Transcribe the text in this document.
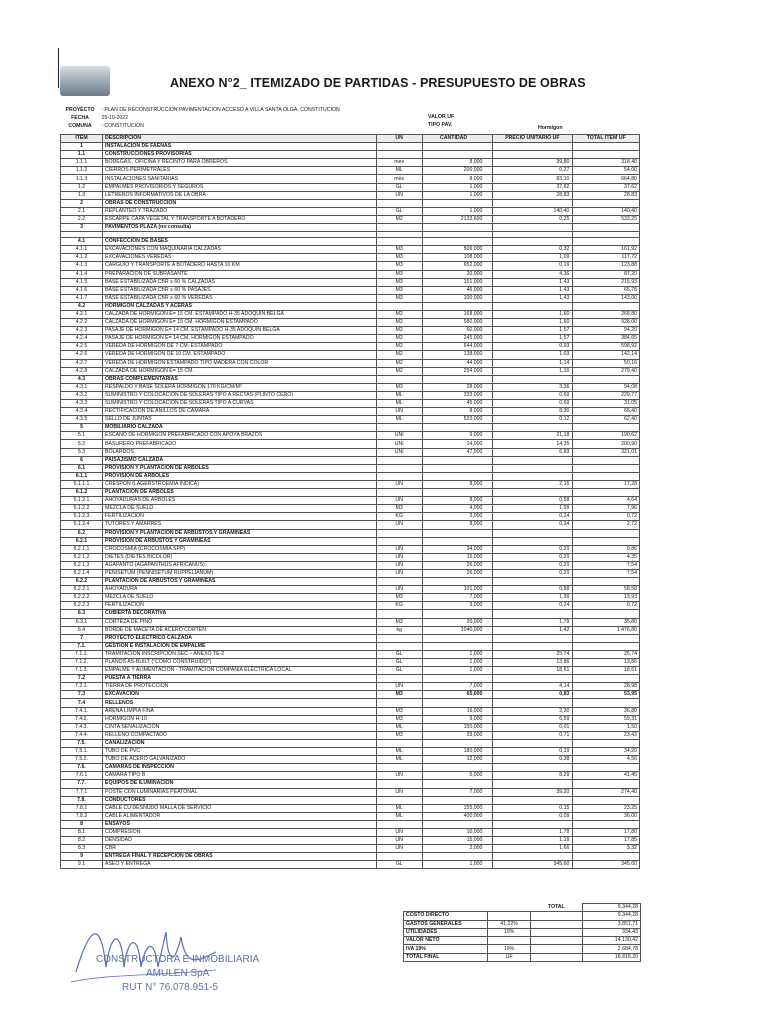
ANEXO N°2_ ITEMIZADO DE PARTIDAS - PRESUPUESTO DE OBRAS
PROYECTO : PLAN DE RECONSTRUCCION PAVIMENTACION ACCESO A VILLA SANTA OLGA, CONSTITUCION
FECHA 25-10-2022
COMUNA : CONSTITUCION
VALOR UF
TIPO PAV.	Hormigon
ITEM	DESCRIPCION	UN	CANTIDAD	PRECIO UNITARIO UF	TOTAL ITEM UF
1	INSTALACIÓN DE FAENAS				
1.1	CONSTRUCCIONES PROVISORIAS				
1.1.1	BODEGAS , OFICINA Y RECINTO PARA OBREROS	mes	8,000	39,80	318,40
1.1.2	CIERROS PERIMETRALES	ML	200,000	0,27	54,00
1.1.3	INSTALACIONES SANITARIAS	mes	8,000	83,10	664,80
1.2	EMPALMES PROVISORIOS Y SEGUROS	GL	1,000	37,62	37,62
1.3	LETREROS INFORMATIVOS DE LA OBRA	UN	1,000	28,83	28,83
2	OBRAS DE CONSTRUCCION				
2.1	REPLANTEO Y TRAZADO	GL	1,000	140,40	140,40
2.2	ESCARPE CAPA VEGETAL Y TRANSPORTE A BOTADERO	M2	2133,600	0,25	533,25
3	PAVIMENTOS PLAZA (no consulta)				

4.1	CONFECCIÓN DE BASES				
4.1.1	EXCAVACIONES CON MAQUINARIA CALZADAS	M3	506,000	0,32	161,92
4.1.2	EXCAVACIONES VEREDAS	M3	108,000	1,09	117,72
4.1.3	CARGUIO Y TRANSPORTE A BOTADERO HASTA 10 KM	M3	652,000	0,19	123,88
4.1.4	PREPARACION DE SUBRASANTE	M3	20,000	4,36	87,20
4.1.5	BASE ESTABILIZADA CBR ≥ 60 % CALZADAS	M3	151,000	1,43	215,93
4.1.6	BASE ESTABILIZADA CBR ≥ 60 % PASAJES	M3	46,000	1,43	65,78
4.1.7	BASE ESTABILIZADA CBR ≥ 60 % VEREDAS	M3	100,000	1,43	143,00
4.2	HORMIGÓN CALZADAS Y ACERAS				
4.2.1	CALZADA DE HORMIGON E= 15 CM. ESTAMPADO H-35 ADOQUIN BELGA	M2	168,000	1,60	268,80
4.2.2	CALZADA DE HORMIGON E= 15 CM. HORMIGON ESTAMPADO	M2	580,000	1,60	928,00
4.2.3	PASAJE DE HORMIGON E= 14 CM. ESTAMPADO H-35 ADOQUIN BELGA	M2	60,000	1,57	94,20
4.2.4	PASAJE DE HORMIGON E= 14 CM. HORMIGON ESTAMPADO	M2	245,000	1,57	384,65
4.2.5	VEREDA DE HORMIGON DE 7 CM. ESTAMPADO	M2	644,000	0,93	598,92
4.2.6	VEREDA DE HORMIGON DE 10 CM. ESTAMPADO	M2	138,000	1,03	142,14
4.2.7	VEREDA DE HORMIGON ESTAMPADO TIPO MADERA CON COLOR	M2	44,000	1,14	50,16
4.2.8	CALZADA DE HORMIGÓN E= 15 CM.	M2	254,000	1,10	279,40
4.3	OBRAS COMPLEMENTARIAS				
4.3.1	RESPALDO Y BASE SOLERA HORMIGON 170 KG/CM/M³	M3	28,000	3,36	94,08
4.3.2	SUMINISTRO Y COLOCACION DE SOLERAS TIPO A RECTAS (PLINTO CERO)	ML	333,000	0,69	229,77
4.3.3	SUMINISTRO Y COLOCACION DE SOLERAS TIPO A CURVAS	ML	45,000	0,69	31,05
4.3.4	RECTIFICACION DE ANILLOS DE CAMARA	UN	8,000	8,30	66,40
4.3.5	SELLO DE JUNTAS	ML	520,000	0,12	62,40
5	MOBILIARIO CALZADA				
5.1	ESCAÑO DE HORMIGON PREFABRICADO CON APOYA BRAZOS	UNI	9,000	21,18	190,62
5.2	BASURERO PREFABRICADO	UNI	14,000	14,35	200,90
5.3	BOLARDOS	UNI	47,000	6,83	321,01
6	PAISAJISMO CALZADA				
6.1	PROVISION Y PLANTACION DE ARBOLES				
6.1.1	PROVISION DE ARBOLES				
6.1.1.1	CRESPÓN (LAGERSTROEMIA INDICA)	UN	8,000	2,16	17,28
6.1.2	PLANTACION DE ARBOLES				
6.1.2.1	AHOYADURAS DE ARBOLES	UN	8,000	0,58	4,64
6.1.2.2	MEZCLA DE SUELO	M3	4,000	1,99	7,96
6.1.2.3	FERTILIZACIÓN	KG	3,000	0,24	0,72
6.1.2.4	TUTORES Y AMARRES	UN	8,000	0,34	2,72
6.2	PROVISION Y PLANTACION DE ARBUSTOS Y GRAMINEAS				
6.2.1	PROVISIÓN DE ARBUSTOS Y GRAMINEAS				
6.2.1.1	CROCOSMIA (CROCOSMIA SPP)	UN	34,000	0,29	9,86
6.2.1.2	DIETES (DIETES BICOLOR)	UN	15,000	0,29	4,35
6.2.1.3	AGAPANTO (AGAPANTHUS AFRICANUS)	UN	26,000	0,29	7,54
6.2.1.4	PENISETUM (PENNISETUM RUPPELIANUM)	UN	26,000	0,29	7,54
6.2.2	PLANTACION DE ARBUSTOS Y GRAMINEAS				
6.2.2.1	AHOYADURA	UN	101,000	0,58	58,58
6.2.2.2	MEZCLA DE SUELO	M3	7,000	1,99	13,93
6.2.2.3	FERTILIZACIÓN	KG	3,000	0,24	0,72
6.3	CUBIERTA DECORATIVA				
6.3.1	CORTEZA DE PINO	M3	20,000	1,79	35,80
6.4	BORDE DE MACETA DE ACERO CORTEN	kg	1040,000	1,42	1.476,80
7	PROYECTO ELECTRICO CALZADA				
7.1.	GESTIÓN E INSTALACIÓN DE EMPALME				
7.1.1.	TRAMITACIÓN INSCRIPCIÓN SEC – ANEXO TE-2	GL	1,000	25,74	25,74
7.1.2.	PLANOS AS-BUILT ("COMO CONSTRUIDO")	GL	1,000	13,86	13,86
7.1.3.	EMPALME Y ALIMENTACIÓN - TRAMITACIÓN COMPAÑÍA ELÉCTRICA LOCAL	GL	1,000	18,61	18,61
7.2	PUESTA A TIERRA				
7.2.1.	TIERRA DE PROTECCIÓN	UN	7,000	4,14	28,98
7.3	EXCAVACIÓN	M3	65,000	0,83	53,95
7.4	RELLENOS				
7.4.1.	ARENA LIMPIA FINA	M3	16,000	2,30	36,80
7.4.2.	HORMIGÓN H-10	M3	9,000	6,59	59,31
7.4.3.	CINTA SEÑALIZACIÓN	ML	150,000	0,01	1,50
7.4.4.	RELLENO COMPACTADO	M3	33,000	0,71	23,43
7.5.	CANALIZACIÓN				
7.5.1.	TUBO DE PVC	ML	180,000	0,19	34,20
7.5.2.	TUBO DE ACERO GALVANIZADO	ML	12,000	0,38	4,56
7.6.	CÁMARAS DE INSPECCIÓN				
7.6.1	CÁMARA TIPO B	UN	5,000	8,29	41,45
7.7.	EQUIPOS DE ILUMINACIÓN				
7.7.1	POSTE CON LUMINARIAS PEATONAL	UN	7,000	39,20	274,40
7.8.	CONDUCTORES				
7.8.1	CABLE CU DESNUDO MALLA DE SERVICIO	ML	155,000	0,15	23,25
7.8.2	CABLE ALIMENTADOR	ML	400,000	0,09	36,00
8	ENSAYOS				
8.1	COMPRESIÓN	UN	10,000	1,78	17,80
8.2	DENSIDAD	UN	15,000	1,19	17,85
8.3	CBR	UN	2,000	1,66	3,32
9	ENTREGA FINAL Y RECEPCION DE OBRAS				
9.1	ASEO Y ENTREGA	GL	1,000	345,60	345,60
		TOTAL	9.344,28
COSTO DIRECTO			9.344,28
GASTOS GENERALES	41,22%		3.851,71
UTILIDADES	10%		934,43
VALOR NETO			14.130,42
IVA 19%	19%		2.684,78
TOTAL FINAL	UF		16.815,20
CONSTRUCTORA E INMOBILIARIA
AMULEN SpA
RUT N° 76.078.951-5
